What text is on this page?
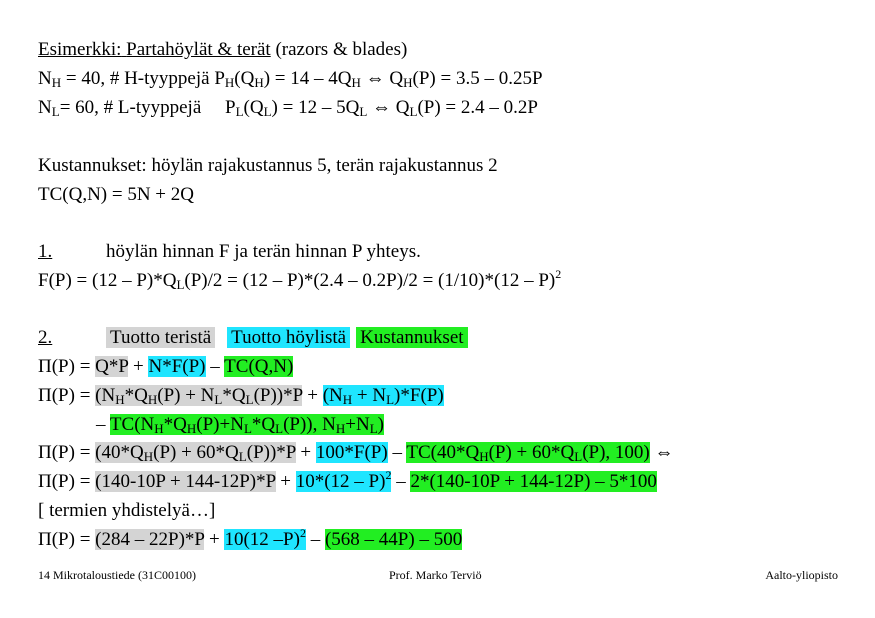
Esimerkki: Partahöylät & terät (razors & blades)
$N_H = 40$, # H-tyyppejä $P_H(Q_H) = 14 - 4Q_H$ ⇔ $Q_H(P) = 3.5 - 0.25P$
$N_L= 60$, # L-tyyppejä     $P_L(Q_L) = 12 - 5Q_L$ ⇔ $Q_L(P) = 2.4 - 0.2P$
Kustannukset: höylän rajakustannus 5, terän rajakustannus 2
TC(Q,N) = 5N + 2Q
1.	höylän hinnan F ja terän hinnan P yhteys.
$F(P) = (12 - P)*Q_L(P)/2 = (12 - P)*(2.4 - 0.2P)/2 = (1/10)*(12 - P)^2$
2.	Tuotto teristä Tuotto höylistä Kustannukset
Π(P) = Q*P + N*F(P) – TC(Q,N)
$\Pi(P) = (N_H*Q_H(P) + N_L*Q_L(P))*P + (N_H + N_L)*F(P)$
– $TC(N_H*Q_H(P)+N_L*Q_L(P))$, $N_H+N_L$)
$\Pi(P) = (40*Q_H(P) + 60*Q_L(P))*P + 100*F(P) - TC(40*Q_H(P) + 60*Q_L(P)$, 100) ⇔
Π(P) = (140-10P + 144-12P)*P + 10*(12 – P)$^2$ – 2*(140-10P + 144-12P) – 5*100
[ termien yhdistelyä…]
Π(P) = (284 – 22P)*P + 10(12 –P)$^2$ – (568 – 44P) – 500
14 Mikrotaloustiede (31C00100)	Prof. Marko Terviö	Aalto-yliopisto
